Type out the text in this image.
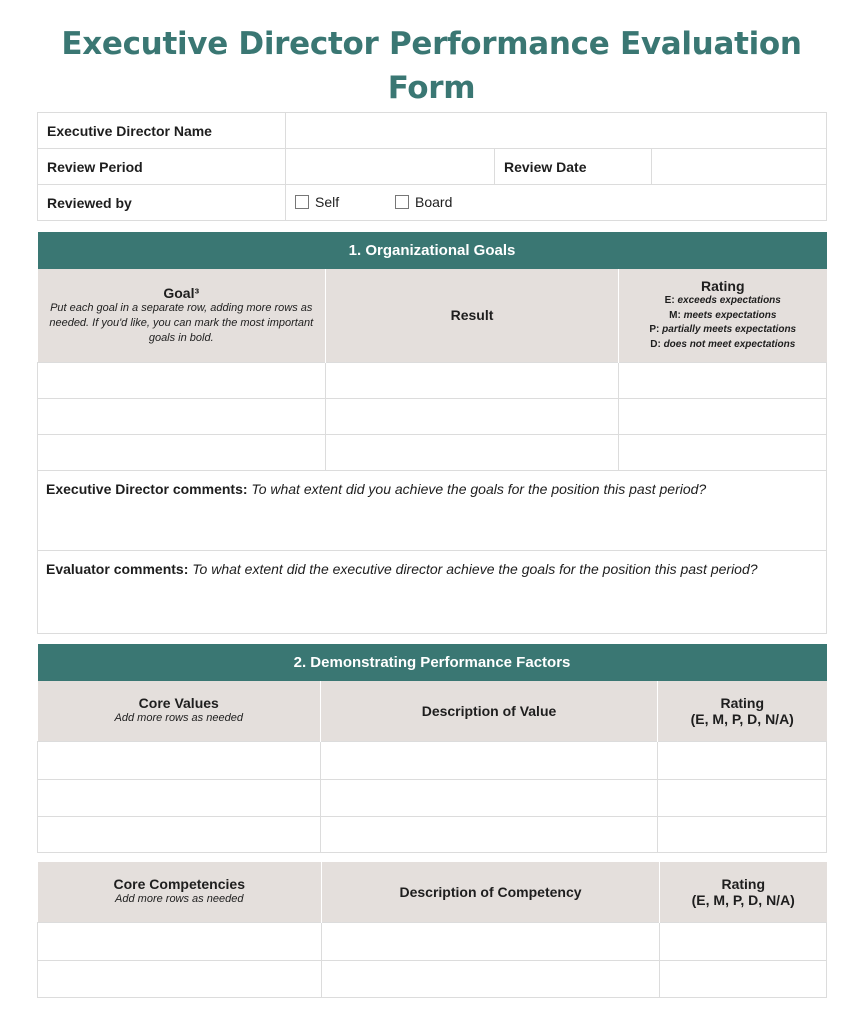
Executive Director Performance Evaluation
Form
Executive Director Name			
Review Period		Review Date	
Reviewed by	Self
Board		
1. Organizational Goals		

Goal³
Put each goal in a separate row, adding more rows as needed. If you'd like, you can mark the most important goals in bold.	Result	Rating
E: exceeds expectations
M: meets expectations
P: partially meets expectations
D: does not meet expectations

Executive Director comments: To what extent did you achieve the goals for the position this past period?		
Evaluator comments: To what extent did the executive director achieve the goals for the position this past period?		
2. Demonstrating Performance Factors		

Core Values
Add more rows as needed	Description of Value	Rating
(E, M, P, D, N/A)

Core Competencies
Add more rows as needed	Description of Competency	Rating
(E, M, P, D, N/A)
